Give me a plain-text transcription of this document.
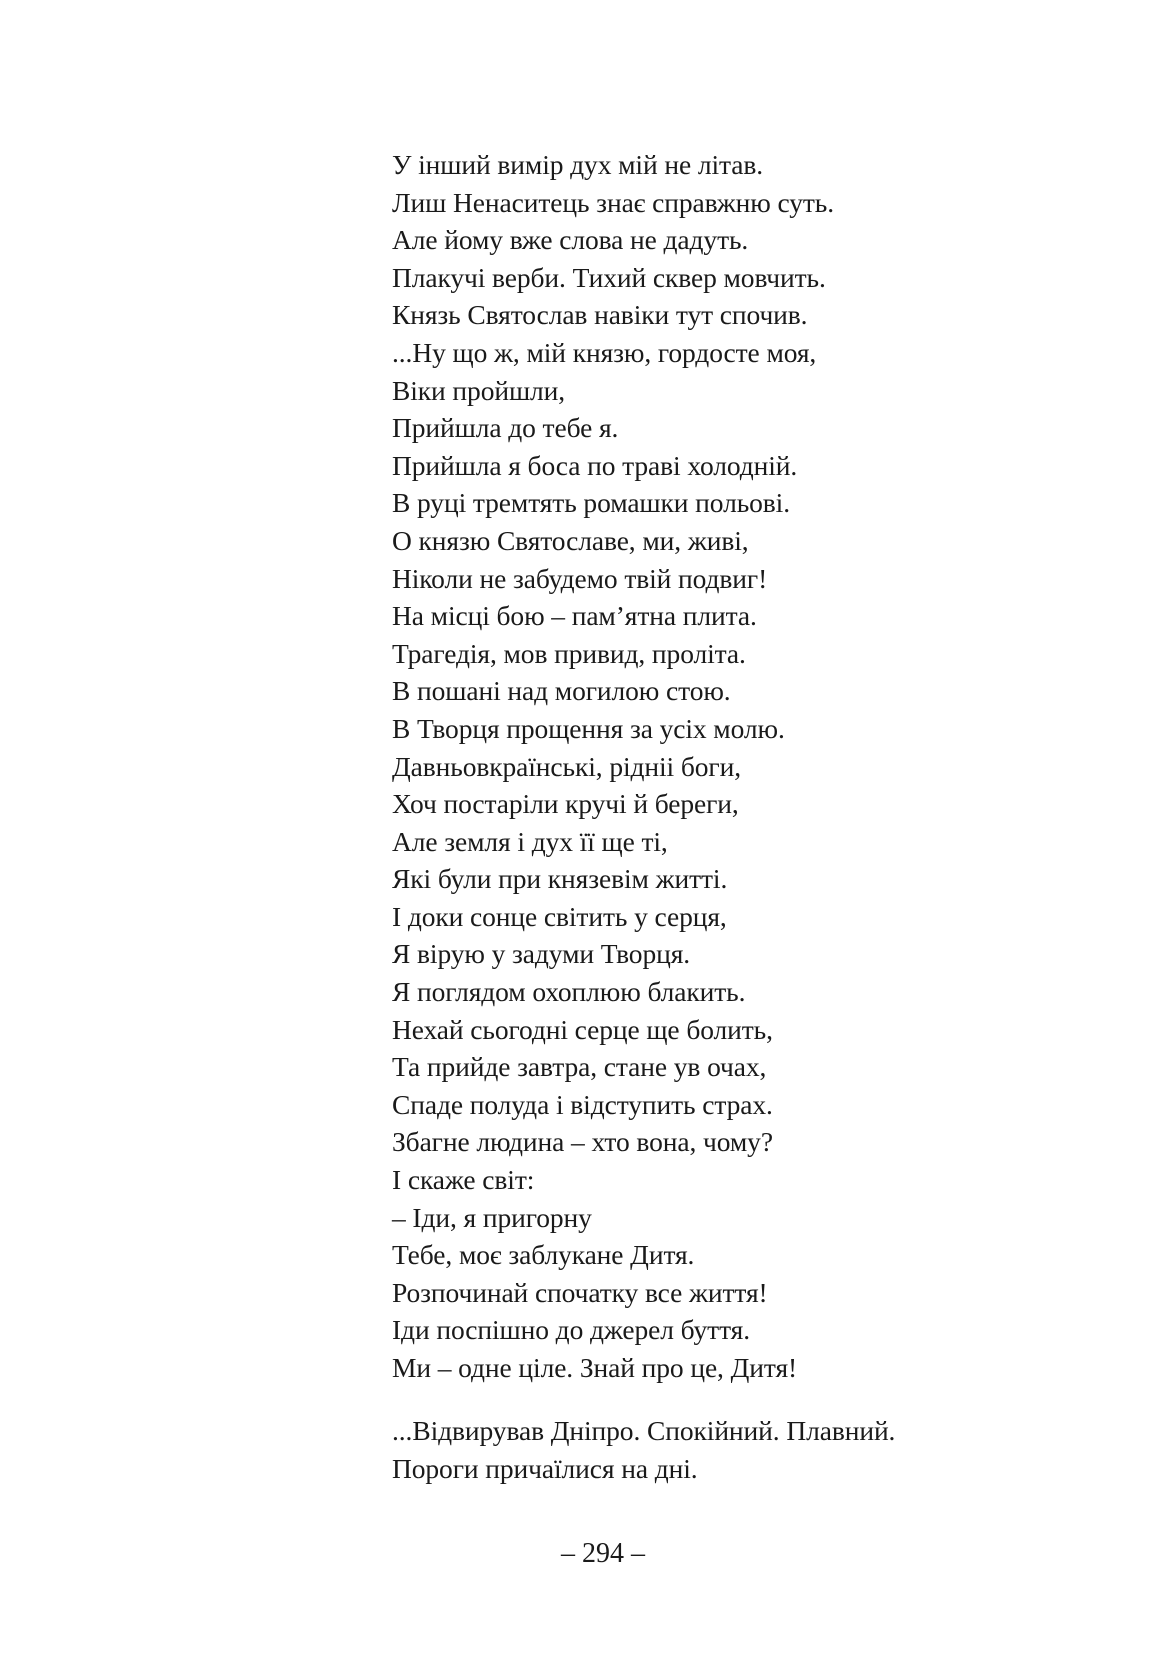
У інший вимір дух мій не літав.
Лиш Ненаситець знає справжню суть.
Але йому вже слова не дадуть.
Плакучі верби. Тихий сквер мовчить.
Князь Святослав навіки тут спочив.
...Ну що ж, мій князю, гордосте моя,
Віки пройшли,
Прийшла до тебе я.
Прийшла я боса по траві холодній.
В руці тремтять ромашки польові.
О князю Святославе, ми, живі,
Ніколи не забудемо твій подвиг!
На місці бою – пам’ятна плита.
Трагедія, мов привид, проліта.
В пошані над могилою стою.
В Творця прощення за усіх молю.
Давньовкраїнські, рідніі боги,
Хоч постаріли кручі й береги,
Але земля і дух її ще ті,
Які були при князевім житті.
І доки сонце світить у серця,
Я вірую у задуми Творця.
Я поглядом охоплюю блакить.
Нехай сьогодні серце ще болить,
Та прийде завтра, стане ув очах,
Спаде полуда і відступить страх.
Збагне людина – хто вона, чому?
І скаже світ:
– Іди, я пригорну
Тебе, моє заблукане Дитя.
Розпочинай спочатку все життя!
Іди поспішно до джерел буття.
Ми – одне ціле. Знай про це, Дитя!
...Відвирував Дніпро. Спокійний. Плавний.
Пороги причаїлися на дні.
– 294 –
